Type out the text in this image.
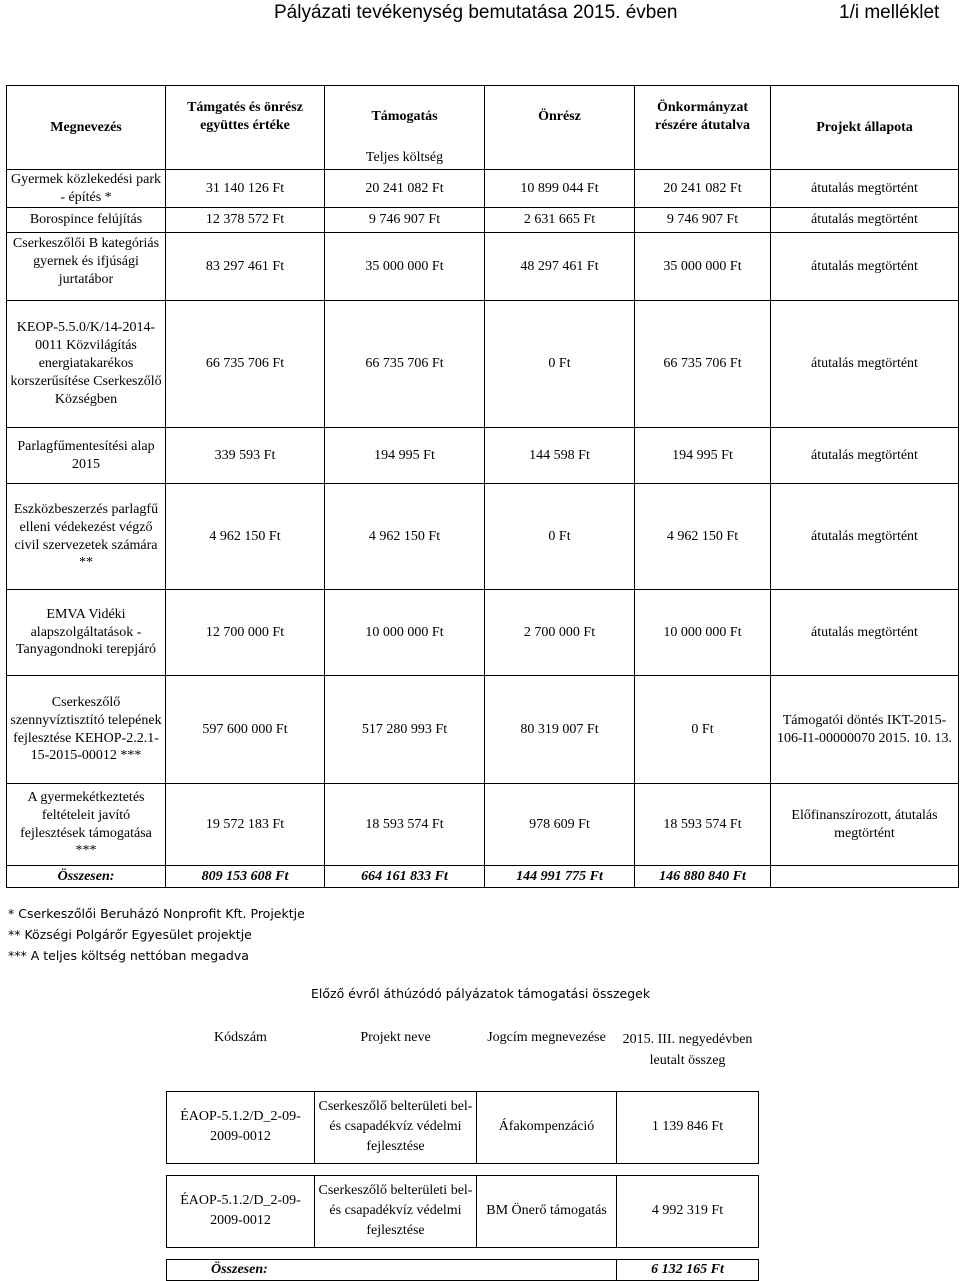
Pályázati tevékenység bemutatása 2015. évben	1/i melléklet
Megnevezés	Támgatés és önrész együttes értéke	Támogatás	Önrész	Önkormányzat részére átutalva	Projekt állapota
		Teljes költség			
Gyermek közlekedési park - építés *	31 140 126 Ft	20 241 082 Ft	10 899 044 Ft	20 241 082 Ft	átutalás megtörtént
Borospince felújítás	12 378 572 Ft	9 746 907 Ft	2 631 665 Ft	9 746 907 Ft	átutalás megtörtént
Cserkeszőlői B kategóriás gyernek és ifjúsági jurtatábor	83 297 461 Ft	35 000 000 Ft	48 297 461 Ft	35 000 000 Ft	átutalás megtörtént
KEOP-5.5.0/K/14-2014-0011 Közvilágítás energiatakarékos korszerűsítése Cserkeszőlő Községben	66 735 706 Ft	66 735 706 Ft	0 Ft	66 735 706 Ft	átutalás megtörtént
Parlagfűmentesítési alap 2015	339 593 Ft	194 995 Ft	144 598 Ft	194 995 Ft	átutalás megtörtént
Eszközbeszerzés parlagfű elleni védekezést végző civil szervezetek számára **	4 962 150 Ft	4 962 150 Ft	0 Ft	4 962 150 Ft	átutalás megtörtént
EMVA Vidéki alapszolgáltatások - Tanyagondnoki terepjáró	12 700 000 Ft	10 000 000 Ft	2 700 000 Ft	10 000 000 Ft	átutalás megtörtént
Cserkeszőlő szennyvíztisztító telepének fejlesztése KEHOP-2.2.1-15-2015-00012 ***	597 600 000 Ft	517 280 993 Ft	80 319 007 Ft	0 Ft	Támogatói döntés IKT-2015-106-I1-00000070 2015. 10. 13.
A gyermekétkeztetés feltételeit javító fejlesztések támogatása ***	19 572 183 Ft	18 593 574 Ft	978 609 Ft	18 593 574 Ft	Előfinanszírozott, átutalás megtörtént
Összesen:	809 153 608 Ft	664 161 833 Ft	144 991 775 Ft	146 880 840 Ft	
* Cserkeszőlői Beruházó Nonprofit Kft. Projektje
** Községi Polgárőr Egyesület projektje
*** A teljes költség nettóban megadva
Előző évről áthúzódó pályázatok támogatási összegek
Kódszám	Projekt neve	Jogcím megnevezése	2015. III. negyedévben leutalt összeg

ÉAOP-5.1.2/D_2-09-2009-0012	Cserkeszőlő belterületi bel-és csapadékvíz védelmi fejlesztése	Áfakompenzáció	1 139 846 Ft

ÉAOP-5.1.2/D_2-09-2009-0012	Cserkeszőlő belterületi bel-és csapadékvíz védelmi fejlesztése	BM Önerő támogatás	4 992 319 Ft

Összesen:			6 132 165 Ft
